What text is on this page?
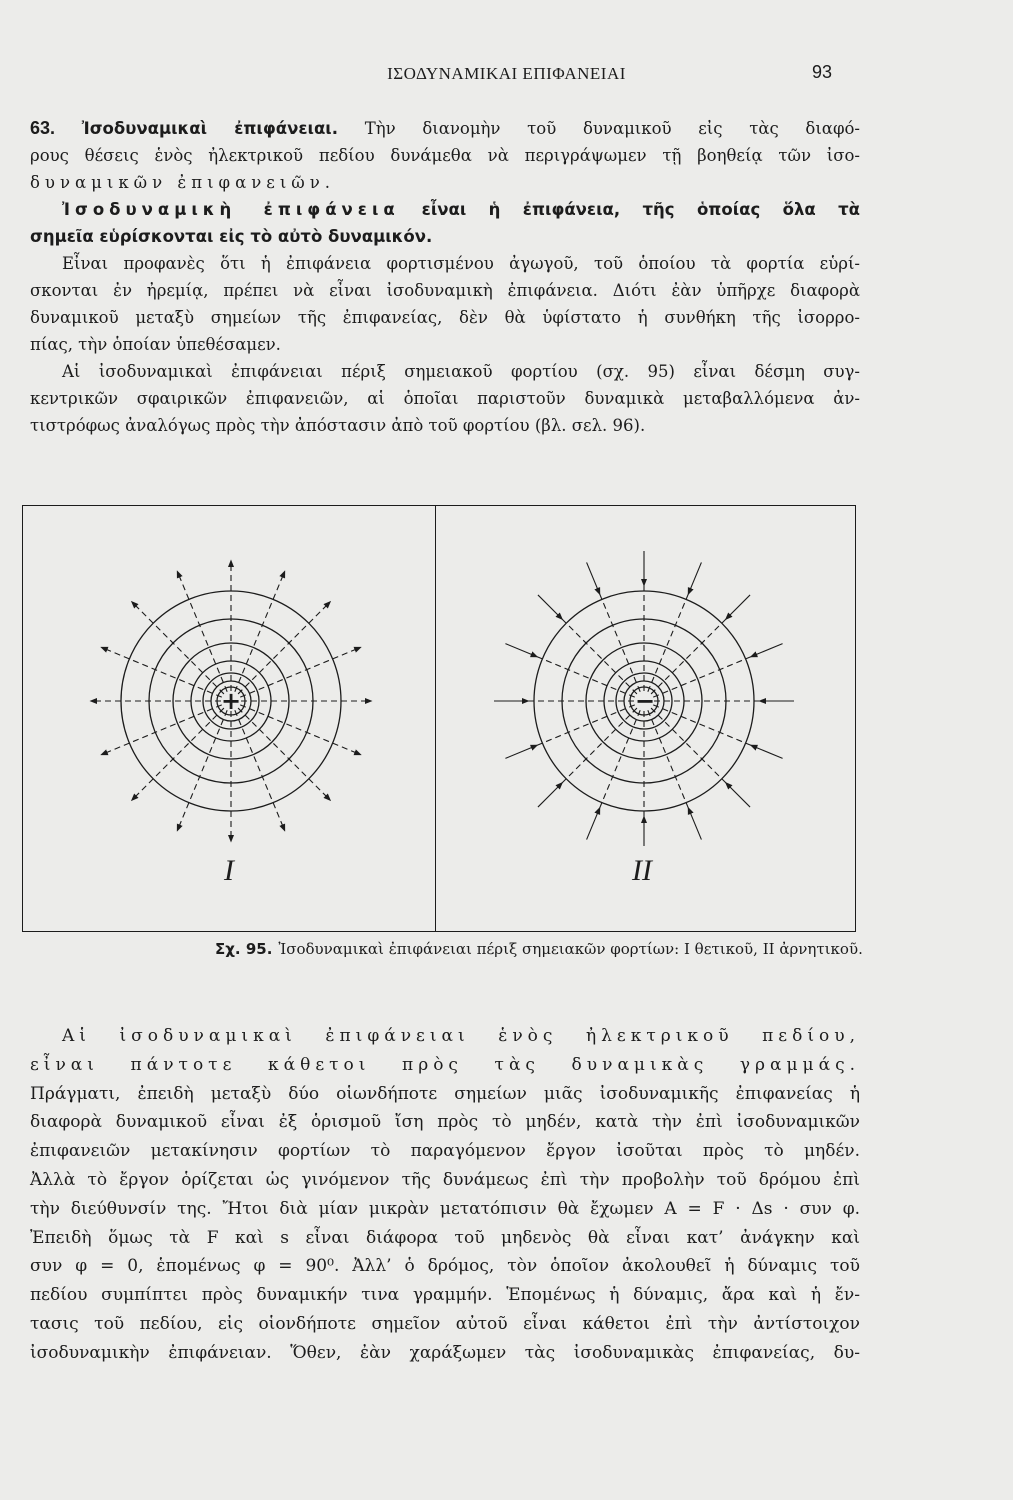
ΙΣΟΔΥΝΑΜΙΚΑΙ ΕΠΙΦΑΝΕΙΑΙ	93
63. Ἰσοδυναμικαὶ ἐπιφάνειαι. Τὴν διανομὴν τοῦ δυναμικοῦ εἰς τὰς διαφό-
ρους θέσεις ἑνὸς ἠλεκτρικοῦ πεδίου δυνάμεθα νὰ περιγράψωμεν τῇ βοηθείᾳ τῶν ἰσο-
δυναμικῶν ἐπιφανειῶν.
Ἰσοδυναμικὴ ἐπιφάνεια εἶναι ἡ ἐπιφάνεια, τῆς ὁποίας ὅλα τὰ
σημεῖα εὑρίσκονται εἰς τὸ αὐτὸ δυναμικόν.
Εἶναι προφανὲς ὅτι ἡ ἐπιφάνεια φορτισμένου ἀγωγοῦ, τοῦ ὁποίου τὰ φορτία εὑρί-
σκονται ἐν ἠρεμίᾳ, πρέπει νὰ εἶναι ἰσοδυναμικὴ ἐπιφάνεια. Διότι ἐὰν ὑπῆρχε διαφορὰ
δυναμικοῦ μεταξὺ σημείων τῆς ἐπιφανείας, δὲν θὰ ὑφίστατο ἡ συνθήκη τῆς ἰσορρο-
πίας, τὴν ὁποίαν ὑπεθέσαμεν.
Αἱ ἰσοδυναμικαὶ ἐπιφάνειαι πέριξ σημειακοῦ φορτίου (σχ. 95) εἶναι δέσμη συγ-
κεντρικῶν σφαιρικῶν ἐπιφανειῶν, αἱ ὁποῖαι παριστοῦν δυναμικὰ μεταβαλλόμενα ἀν-
τιστρόφως ἀναλόγως πρὸς τὴν ἀπόστασιν ἀπὸ τοῦ φορτίου (βλ. σελ. 96).
+
I
−
II
Σχ. 95. Ἰσοδυναμικαὶ ἐπιφάνειαι πέριξ σημειακῶν φορτίων: I θετικοῦ, II ἀρνητικοῦ.
Αἱ ἰσοδυναμικαὶ ἐπιφάνειαι ἑνὸς ἠλεκτρικοῦ πεδίου,
εἶναι πάντοτε κάθετοι πρὸς τὰς δυναμικὰς γραμμάς.
Πράγματι, ἐπειδὴ μεταξὺ δύο οἱωνδήποτε σημείων μιᾶς ἰσοδυναμικῆς ἐπιφανείας ἡ
διαφορὰ δυναμικοῦ εἶναι ἐξ ὁρισμοῦ ἴση πρὸς τὸ μηδέν, κατὰ τὴν ἐπὶ ἰσοδυναμικῶν
ἐπιφανειῶν μετακίνησιν φορτίων τὸ παραγόμενον ἔργον ἰσοῦται πρὸς τὸ μηδέν.
Ἀλλὰ τὸ ἔργον ὁρίζεται ὡς γινόμενον τῆς δυνάμεως ἐπὶ τὴν προβολὴν τοῦ δρόμου ἐπὶ
τὴν διεύθυνσίν της. Ἤτοι διὰ μίαν μικρὰν μετατόπισιν θὰ ἔχωμεν A = F · Δs · συν φ.
Ἐπειδὴ ὅμως τὰ F καὶ s εἶναι διάφορα τοῦ μηδενὸς θὰ εἶναι κατ’ ἀνάγκην καὶ
συν φ = 0, ἑπομένως φ = 90⁰. Ἀλλ’ ὁ δρόμος, τὸν ὁποῖον ἀκολουθεῖ ἡ δύναμις τοῦ
πεδίου συμπίπτει πρὸς δυναμικήν τινα γραμμήν. Ἑπομένως ἡ δύναμις, ἄρα καὶ ἡ ἔν-
τασις τοῦ πεδίου, εἰς οἱονδήποτε σημεῖον αὐτοῦ εἶναι κάθετοι ἐπὶ τὴν ἀντίστοιχον
ἰσοδυναμικὴν ἐπιφάνειαν. Ὅθεν, ἐὰν χαράξωμεν τὰς ἰσοδυναμικὰς ἐπιφανείας, δυ-
